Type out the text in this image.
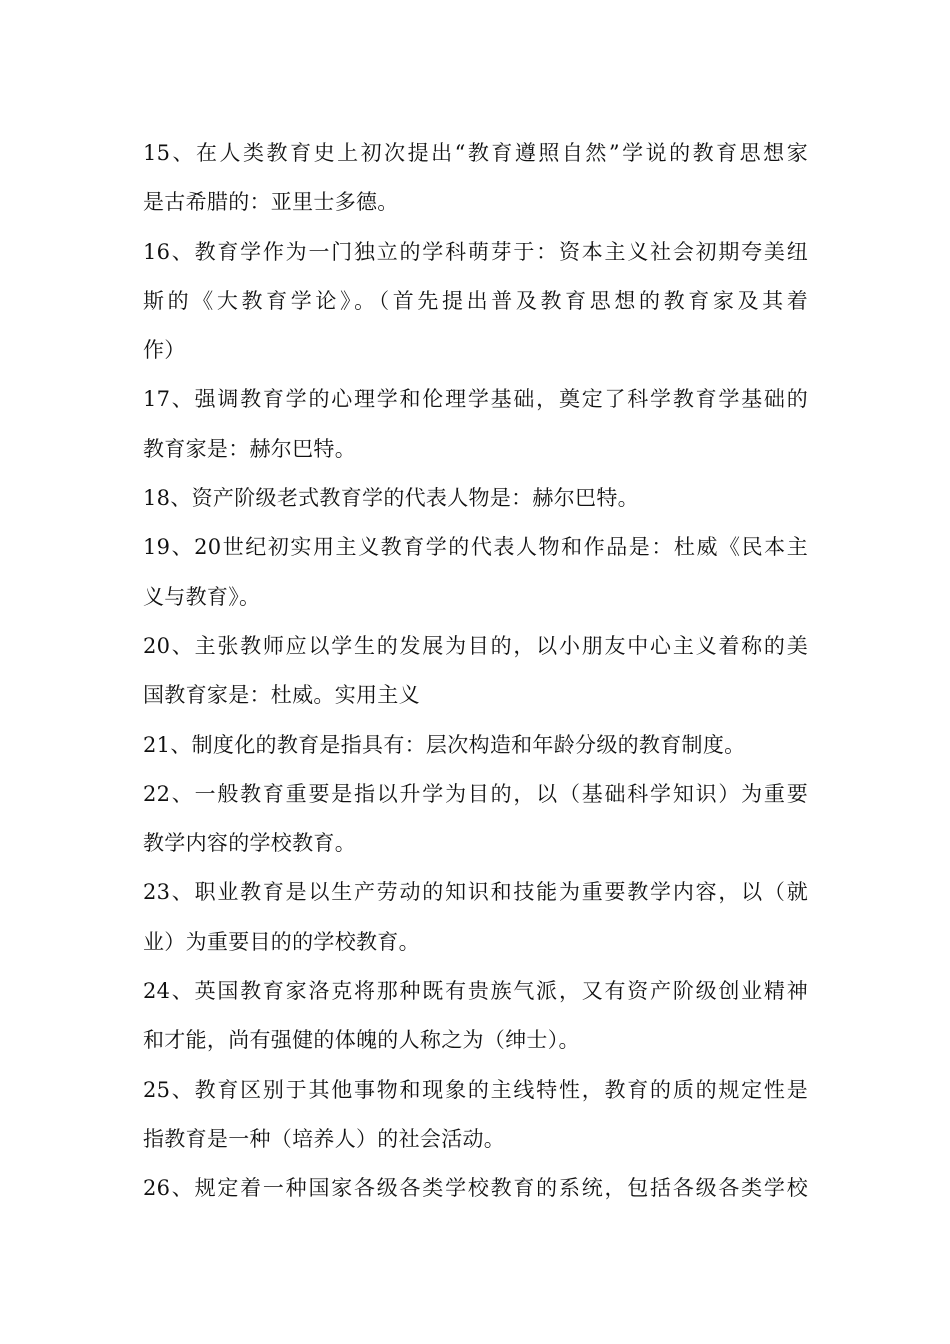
15、在人类教育史上初次提出“教育遵照自然”学说的教育思想家
是古希腊的：亚里士多德。
16、教育学作为一门独立的学科萌芽于：资本主义社会初期夸美纽
斯的《大教育学论》。（首先提出普及教育思想的教育家及其着
作）
17、强调教育学的心理学和伦理学基础，奠定了科学教育学基础的
教育家是：赫尔巴特。
18、资产阶级老式教育学的代表人物是：赫尔巴特。
19、20世纪初实用主义教育学的代表人物和作品是：杜威《民本主
义与教育》。
20、主张教师应以学生的发展为目的，以小朋友中心主义着称的美
国教育家是：杜威。实用主义
21、制度化的教育是指具有：层次构造和年龄分级的教育制度。
22、一般教育重要是指以升学为目的，以（基础科学知识）为重要
教学内容的学校教育。
23、职业教育是以生产劳动的知识和技能为重要教学内容，以（就
业）为重要目的的学校教育。
24、英国教育家洛克将那种既有贵族气派，又有资产阶级创业精神
和才能，尚有强健的体魄的人称之为（绅士）。
25、教育区别于其他事物和现象的主线特性，教育的质的规定性是
指教育是一种（培养人）的社会活动。
26、规定着一种国家各级各类学校教育的系统，包括各级各类学校
